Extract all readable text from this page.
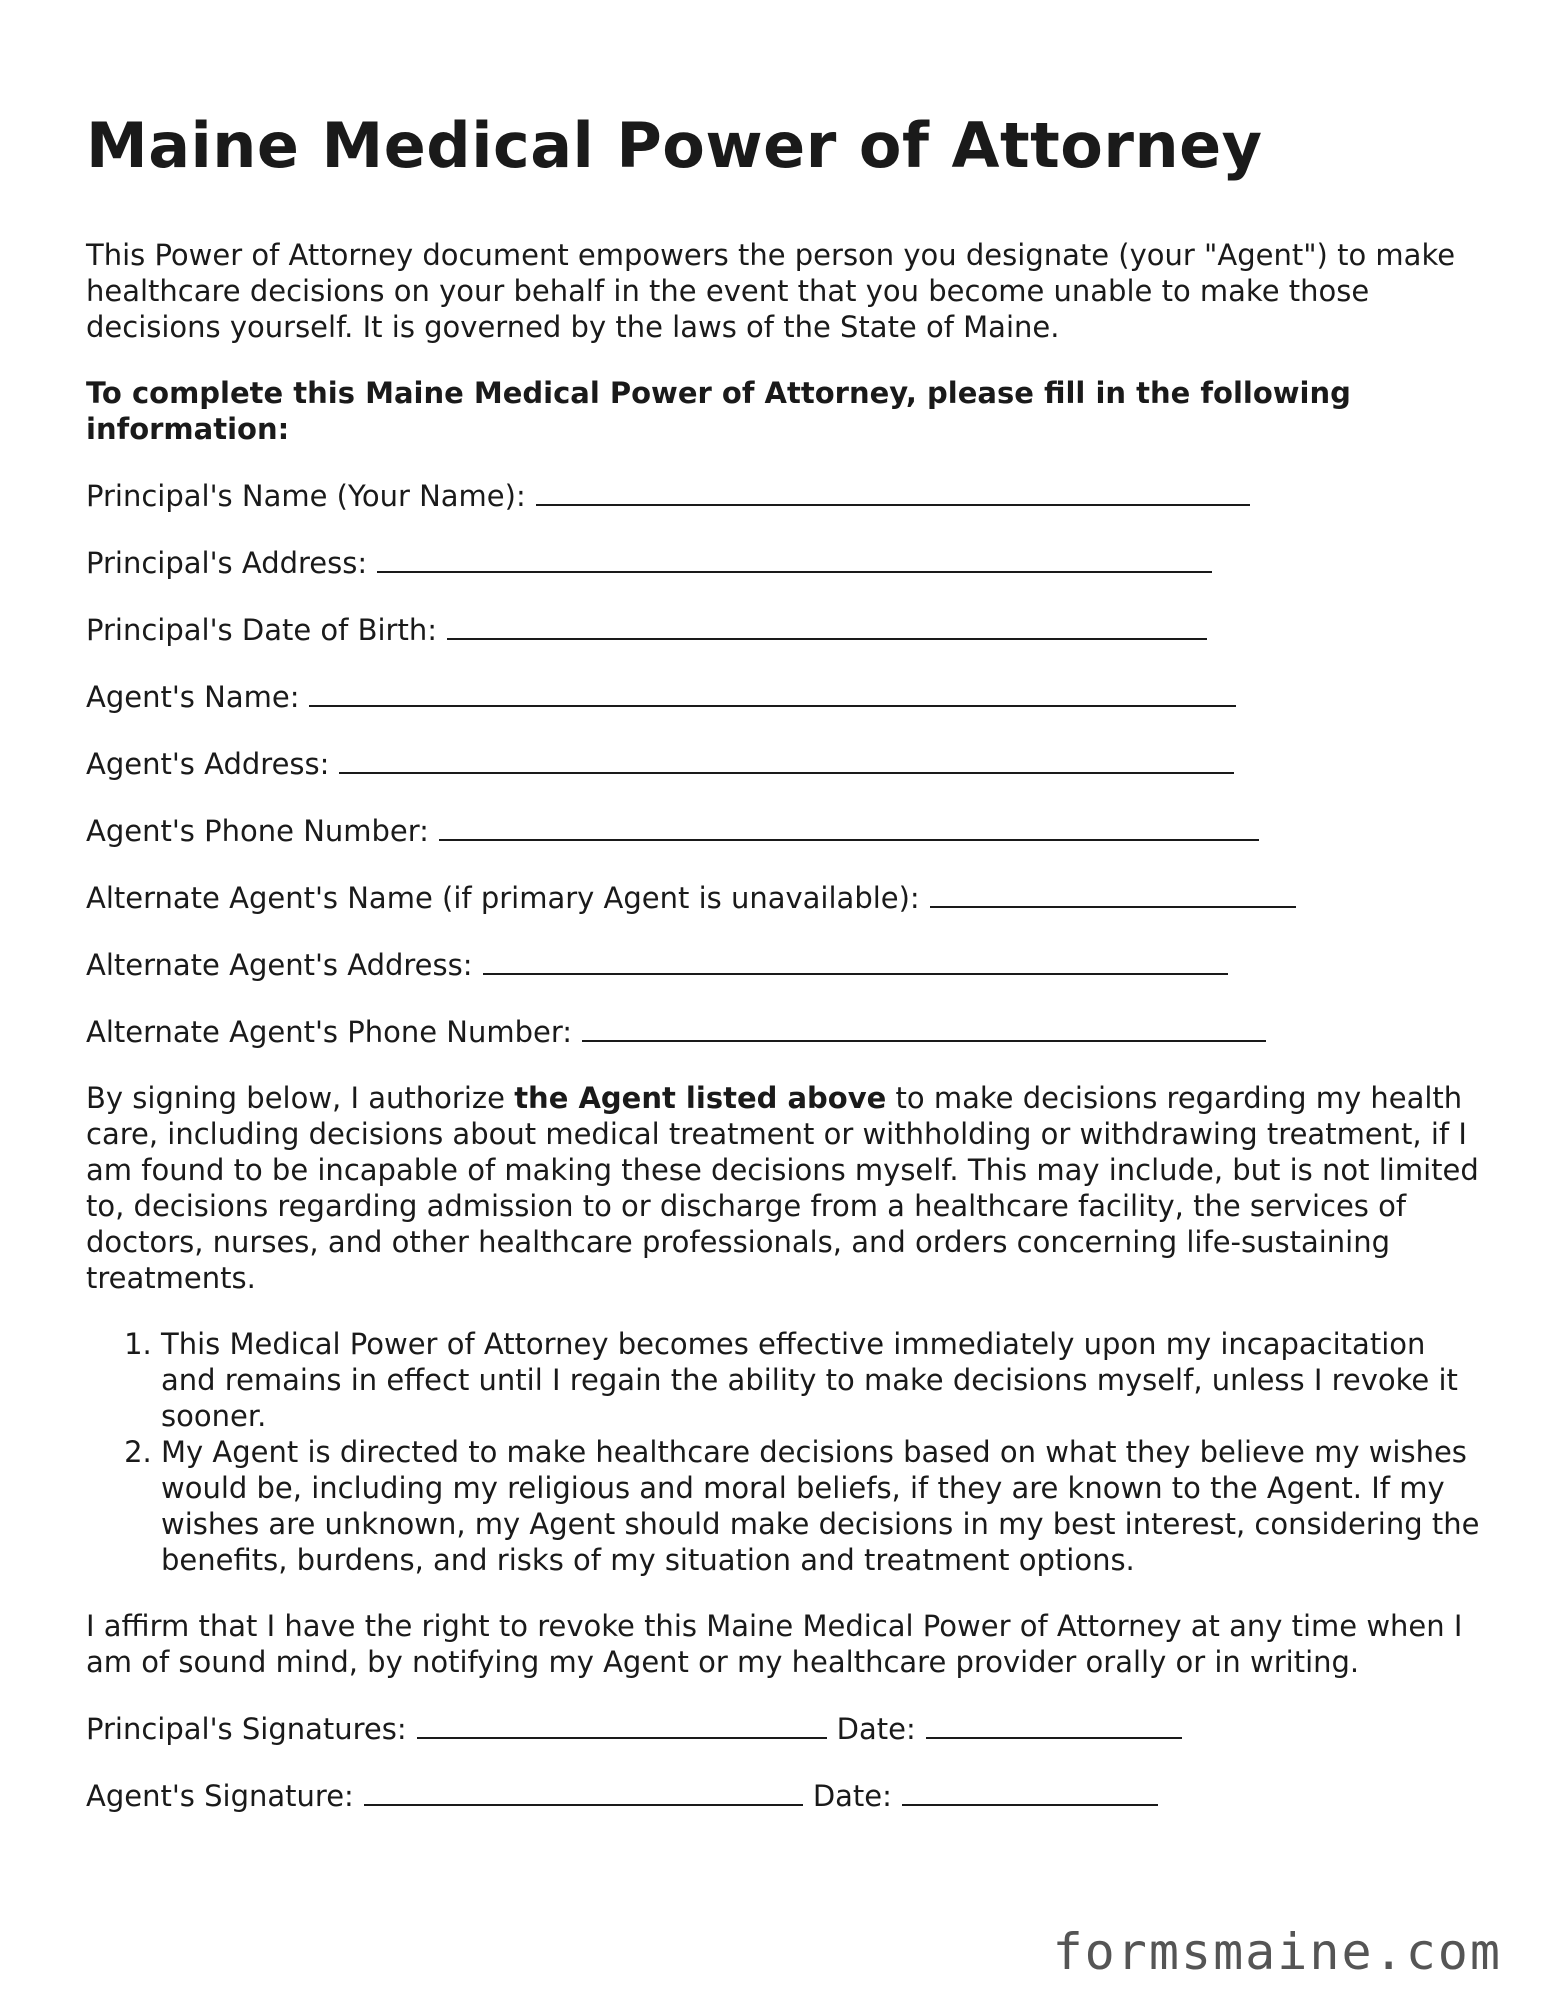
Maine Medical Power of Attorney

This Power of Attorney document empowers the person you designate (your "Agent") to make healthcare decisions on your behalf in the event that you become unable to make those decisions yourself. It is governed by the laws of the State of Maine.

To complete this Maine Medical Power of Attorney, please fill in the following information:

Principal's Name (Your Name):
Principal's Address:
Principal's Date of Birth:
Agent's Name:
Agent's Address:
Agent's Phone Number:
Alternate Agent's Name (if primary Agent is unavailable):
Alternate Agent's Address:
Alternate Agent's Phone Number:

By signing below, I authorize the Agent listed above to make decisions regarding my health care, including decisions about medical treatment or withholding or withdrawing treatment, if I am found to be incapable of making these decisions myself. This may include, but is not limited to, decisions regarding admission to or discharge from a healthcare facility, the services of doctors, nurses, and other healthcare professionals, and orders concerning life-sustaining treatments.

1. This Medical Power of Attorney becomes effective immediately upon my incapacitation and remains in effect until I regain the ability to make decisions myself, unless I revoke it sooner.
2. My Agent is directed to make healthcare decisions based on what they believe my wishes would be, including my religious and moral beliefs, if they are known to the Agent. If my wishes are unknown, my Agent should make decisions in my best interest, considering the benefits, burdens, and risks of my situation and treatment options.

I affirm that I have the right to revoke this Maine Medical Power of Attorney at any time when I am of sound mind, by notifying my Agent or my healthcare provider orally or in writing.

Principal's Signatures:	Date:
Agent's Signature:	Date:
formsmaine.com
